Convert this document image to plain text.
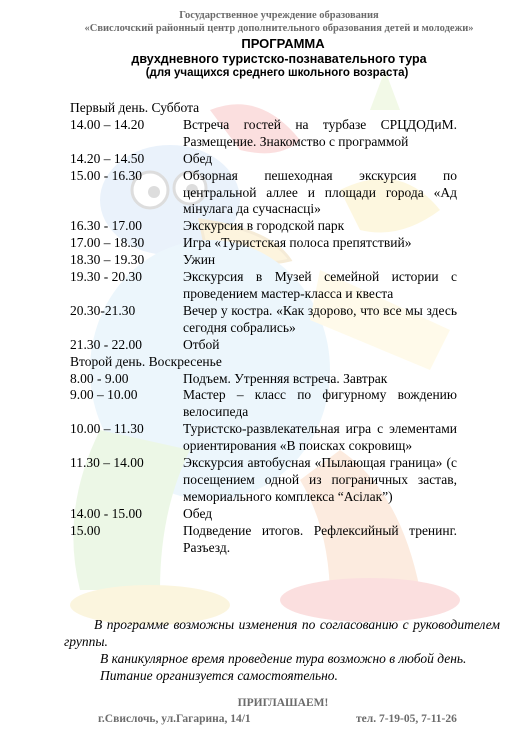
Государственное учреждение образования
«Свислочский районный центр дополнительного образования детей и молодежи»
ПРОГРАММА
двухдневного туристско-познавательного тура
(для учащихся среднего школьного возраста)
Первый день. Суббота
14.00 – 14.20	Встреча гостей на турбазе СРЦДОДиМ. Размещение. Знакомство с программой
14.20 – 14.50	Обед
15.00 - 16.30	Обзорная пешеходная экскурсия по центральной аллее и площади города «Ад мінулага да сучаснасці»
16.30 - 17.00	Экскурсия в городской парк
17.00 – 18.30	Игра «Туристская полоса препятствий»
18.30 – 19.30	Ужин
19.30 - 20.30	Экскурсия в Музей семейной истории с проведением мастер-класса и квеста
20.30-21.30	Вечер у костра. «Как здорово, что все мы здесь сегодня собрались»
21.30 - 22.00	Отбой
Второй день. Воскресенье
8.00 - 9.00	Подъем. Утренняя встреча. Завтрак
9.00 – 10.00	Мастер – класс по фигурному вождению велосипеда
10.00 – 11.30	Туристско-развлекательная игра с элементами ориентирования «В поисках сокровищ»
11.30 – 14.00	Экскурсия автобусная «Пылающая граница» (с посещением одной из пограничных застав, мемориального комплекса “Асілак”)
14.00 - 15.00	Обед
15.00	Подведение итогов. Рефлексийный тренинг. Разъезд.

В программе возможны изменения по согласованию с руководителем группы.

В каникулярное время проведение тура возможно в любой день.

Питание организуется самостоятельно.

ПРИГЛАШАЕМ!
г.Свислочь, ул.Гагарина, 14/1	тел. 7-19-05, 7-11-26
